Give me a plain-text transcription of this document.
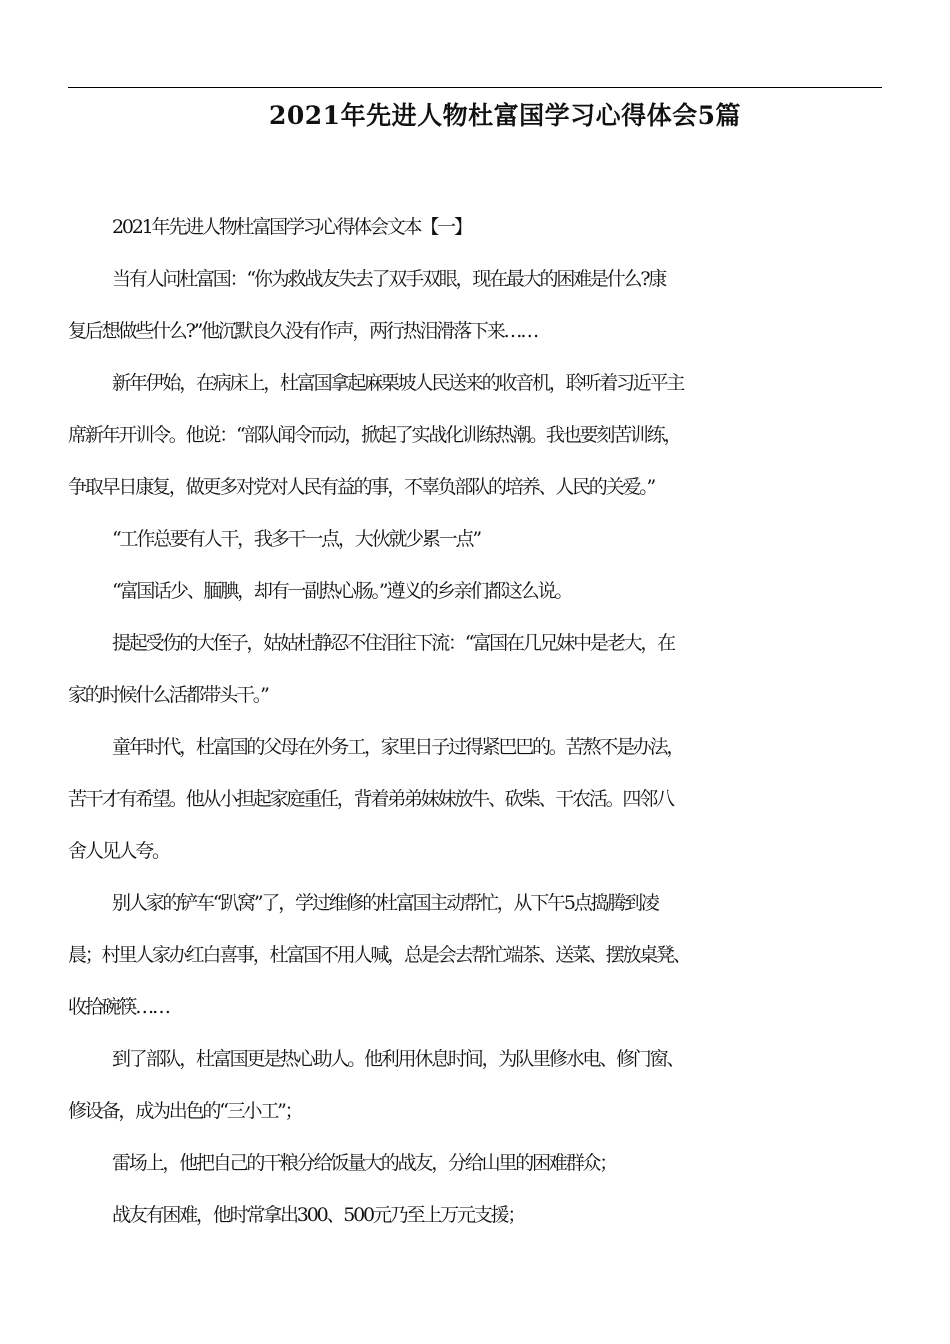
2021年先进人物杜富国学习心得体会5篇
2021年先进人物杜富国学习心得体会文本【一】
当有人问杜富国：“你为救战友失去了双手双眼，现在最大的困难是什么?康
复后想做些什么?”他沉默良久没有作声，两行热泪滑落下来……
新年伊始，在病床上，杜富国拿起麻栗坡人民送来的收音机，聆听着习近平主
席新年开训令。他说：“部队闻令而动，掀起了实战化训练热潮。我也要刻苦训练，
争取早日康复，做更多对党对人民有益的事，不辜负部队的培养、人民的关爱。”
“工作总要有人干，我多干一点，大伙就少累一点”
“富国话少、腼腆，却有一副热心肠。”遵义的乡亲们都这么说。
提起受伤的大侄子，姑姑杜静忍不住泪往下流：“富国在几兄妹中是老大，在
家的时候什么活都带头干。”
童年时代，杜富国的父母在外务工，家里日子过得紧巴巴的。苦熬不是办法，
苦干才有希望。他从小担起家庭重任，背着弟弟妹妹放牛、砍柴、干农活。四邻八
舍人见人夸。
别人家的铲车“趴窝”了，学过维修的杜富国主动帮忙，从下午5点捣腾到凌
晨；村里人家办红白喜事，杜富国不用人喊，总是会去帮忙端茶、送菜、摆放桌凳、
收拾碗筷……
到了部队，杜富国更是热心助人。他利用休息时间，为队里修水电、修门窗、
修设备，成为出色的“三小工”；
雷场上，他把自己的干粮分给饭量大的战友，分给山里的困难群众；
战友有困难，他时常拿出300、500元乃至上万元支援；
